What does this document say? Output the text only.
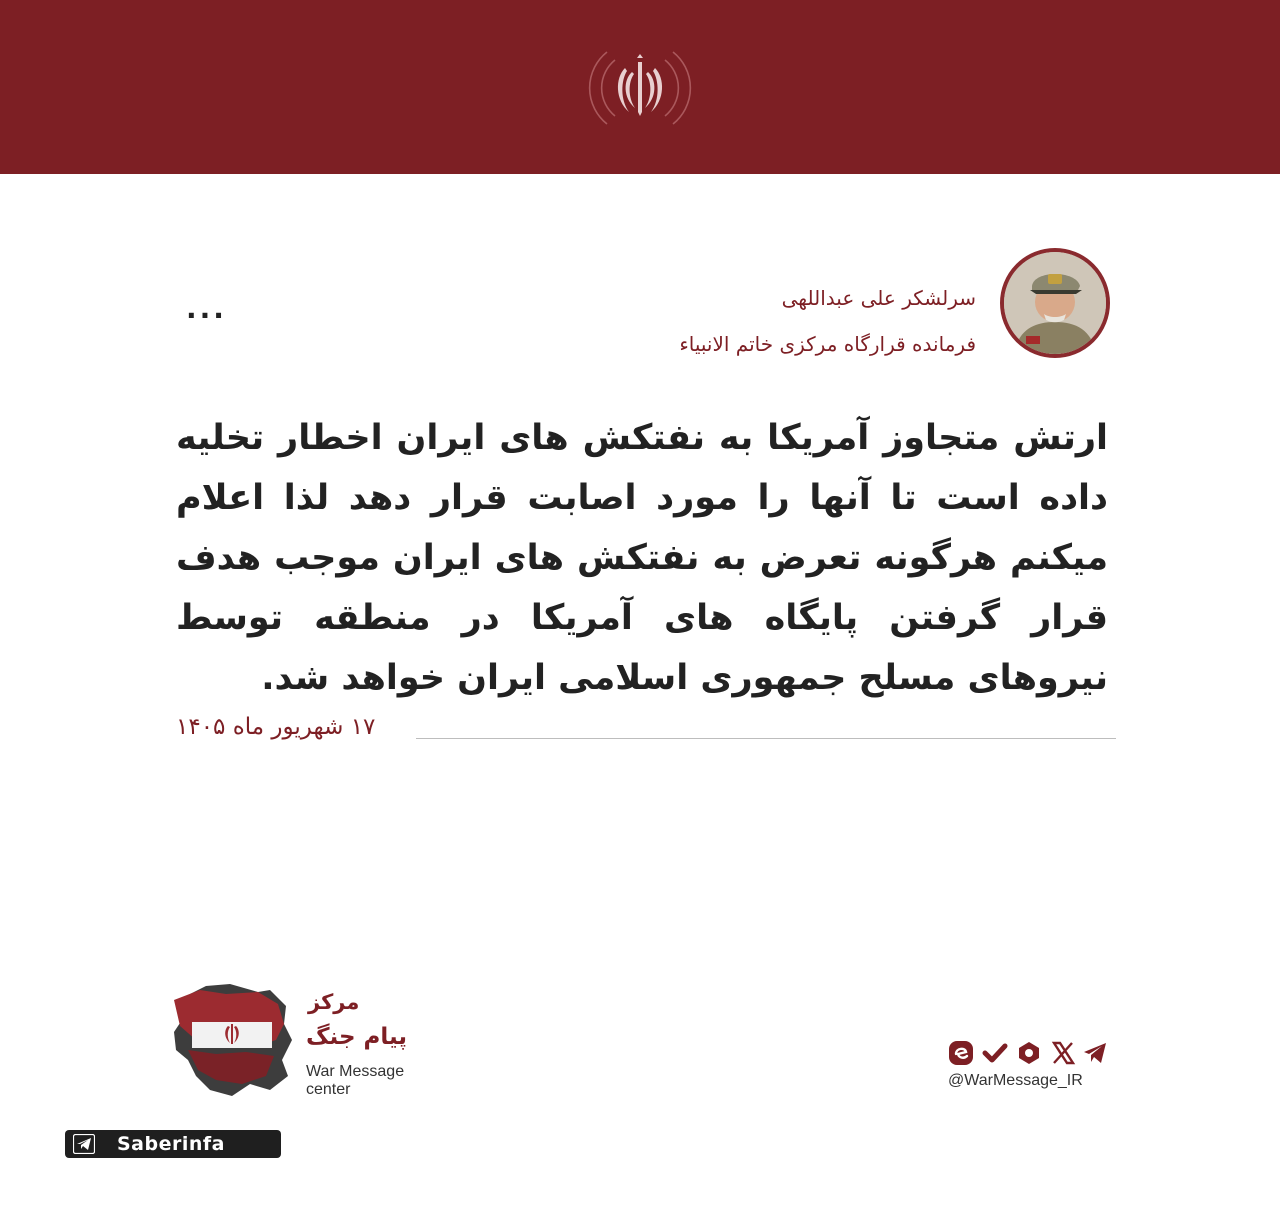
سرلشکر علی عبداللهی
فرمانده قرارگاه مرکزی خاتم الانبیاء
...
ارتش متجاوز آمریکا به نفتکش های ایران اخطار تخلیه داده است تا آنها را مورد اصابت قرار دهد لذا اعلام میکنم هرگونه تعرض به نفتکش های ایران موجب هدف قرار گرفتن پایگاه های آمریکا در منطقه توسط نیروهای مسلح جمهوری اسلامی ایران خواهد شد.
۱۷ شهریور ماه ۱۴۰۵
مرکز
پیام جنگ
War Message
center
@WarMessage_IR
Saberinfa
